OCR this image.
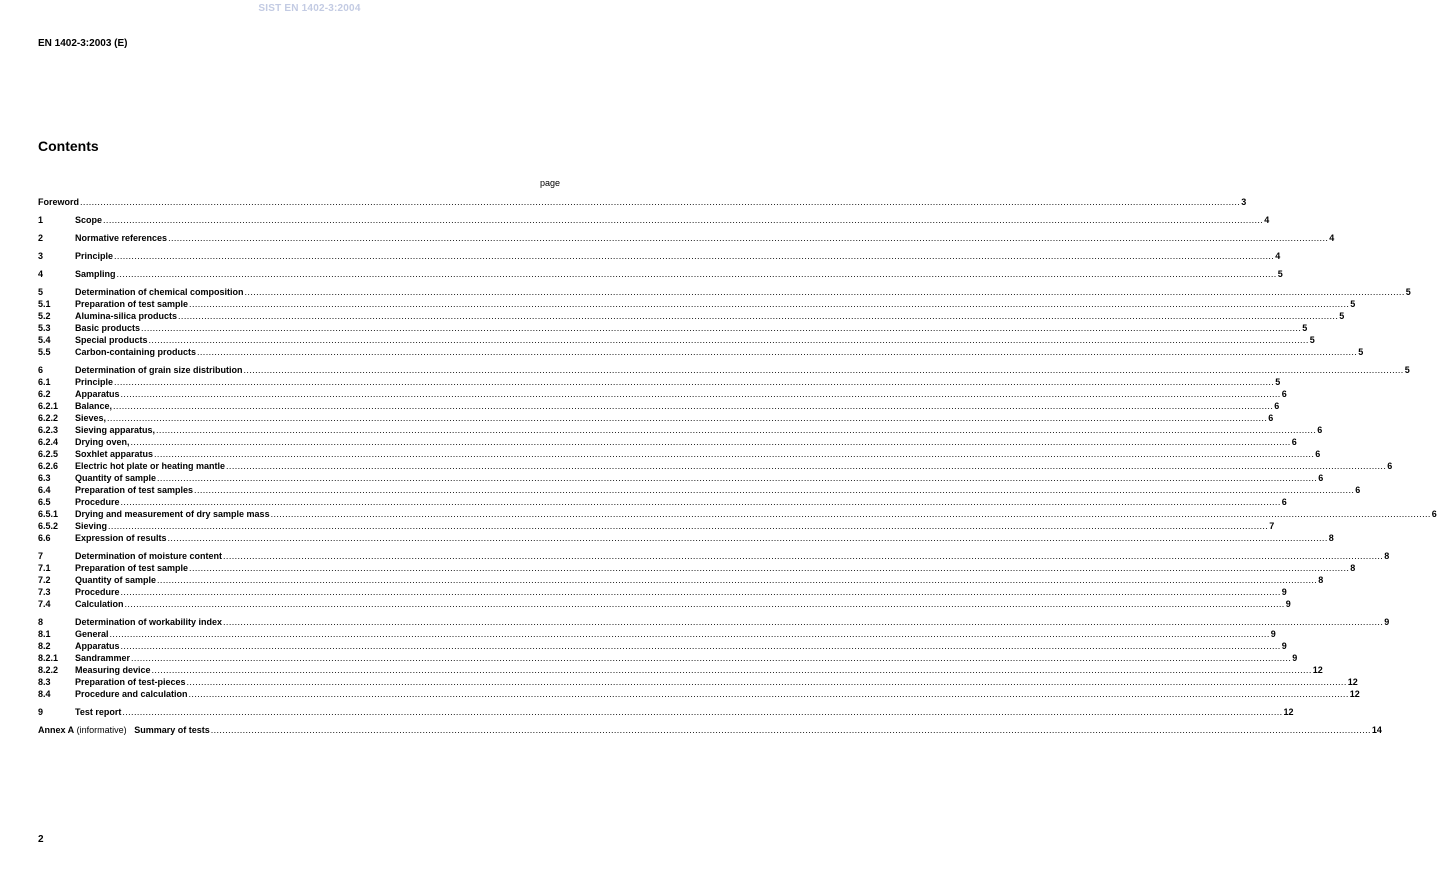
SIST EN 1402-3:2004
EN 1402-3:2003 (E)
Contents
page
Foreword ................................................................................................................................................................................................................................................................................................................................................................................................................ 3
1	Scope ................................................................................................................................................................................................................................................................................................................................................................................................................ 4
2	Normative references ................................................................................................................................................................................................................................................................................................................................................................................................................ 4
3	Principle ................................................................................................................................................................................................................................................................................................................................................................................................................ 4
4	Sampling ................................................................................................................................................................................................................................................................................................................................................................................................................ 5
5	Determination of chemical composition ................................................................................................................................................................................................................................................................................................................................................................................................................ 5
5.1	Preparation of test sample ................................................................................................................................................................................................................................................................................................................................................................................................................ 5
5.2	Alumina-silica products ................................................................................................................................................................................................................................................................................................................................................................................................................ 5
5.3	Basic products ................................................................................................................................................................................................................................................................................................................................................................................................................ 5
5.4	Special products ................................................................................................................................................................................................................................................................................................................................................................................................................ 5
5.5	Carbon-containing products ................................................................................................................................................................................................................................................................................................................................................................................................................ 5
6	Determination of grain size distribution ................................................................................................................................................................................................................................................................................................................................................................................................................ 5
6.1	Principle ................................................................................................................................................................................................................................................................................................................................................................................................................ 5
6.2	Apparatus ................................................................................................................................................................................................................................................................................................................................................................................................................ 6
6.2.1	Balance, ................................................................................................................................................................................................................................................................................................................................................................................................................ 6
6.2.2	Sieves, ................................................................................................................................................................................................................................................................................................................................................................................................................ 6
6.2.3	Sieving apparatus, ................................................................................................................................................................................................................................................................................................................................................................................................................ 6
6.2.4	Drying oven, ................................................................................................................................................................................................................................................................................................................................................................................................................ 6
6.2.5	Soxhlet apparatus ................................................................................................................................................................................................................................................................................................................................................................................................................ 6
6.2.6	Electric hot plate or heating mantle ................................................................................................................................................................................................................................................................................................................................................................................................................ 6
6.3	Quantity of sample ................................................................................................................................................................................................................................................................................................................................................................................................................ 6
6.4	Preparation of test samples ................................................................................................................................................................................................................................................................................................................................................................................................................ 6
6.5	Procedure ................................................................................................................................................................................................................................................................................................................................................................................................................ 6
6.5.1	Drying and measurement of dry sample mass ................................................................................................................................................................................................................................................................................................................................................................................................................ 6
6.5.2	Sieving ................................................................................................................................................................................................................................................................................................................................................................................................................ 7
6.6	Expression of results ................................................................................................................................................................................................................................................................................................................................................................................................................ 8
7	Determination of moisture content ................................................................................................................................................................................................................................................................................................................................................................................................................ 8
7.1	Preparation of test sample ................................................................................................................................................................................................................................................................................................................................................................................................................ 8
7.2	Quantity of sample ................................................................................................................................................................................................................................................................................................................................................................................................................ 8
7.3	Procedure ................................................................................................................................................................................................................................................................................................................................................................................................................ 9
7.4	Calculation ................................................................................................................................................................................................................................................................................................................................................................................................................ 9
8	Determination of workability index ................................................................................................................................................................................................................................................................................................................................................................................................................ 9
8.1	General ................................................................................................................................................................................................................................................................................................................................................................................................................ 9
8.2	Apparatus ................................................................................................................................................................................................................................................................................................................................................................................................................ 9
8.2.1	Sandrammer ................................................................................................................................................................................................................................................................................................................................................................................................................ 9
8.2.2	Measuring device ................................................................................................................................................................................................................................................................................................................................................................................................................ 12
8.3	Preparation of test-pieces ................................................................................................................................................................................................................................................................................................................................................................................................................ 12
8.4	Procedure and calculation ................................................................................................................................................................................................................................................................................................................................................................................................................ 12
9	Test report ................................................................................................................................................................................................................................................................................................................................................................................................................ 12
Annex A (informative)   Summary of tests ................................................................................................................................................................................................................................................................................................................................................................................................................ 14
2
